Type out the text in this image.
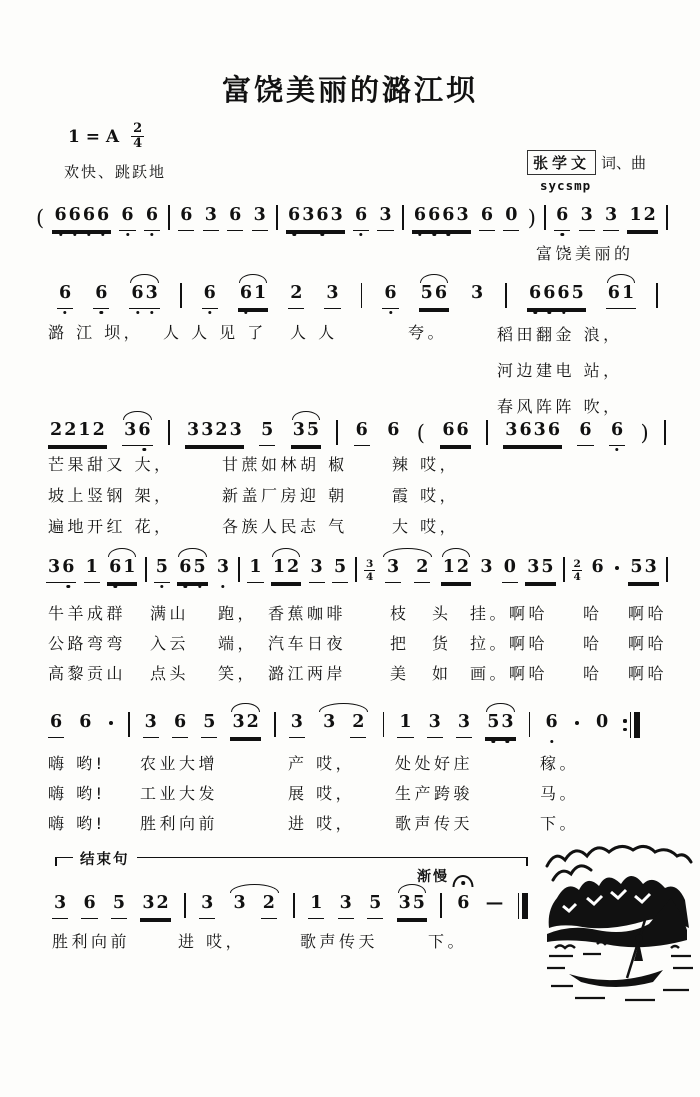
富饶美丽的潞江坝
1 = A $\frac{2}{4}$
欢快、跳跃地	张学文 词、曲
sycsmp
( 6 6 6 6 6 6 6 3 6 3 6 3 6 3 6 3 6 6 6 3 6 0 ) 6 3 3 1 2
6 6 6 3	6 6 1 2 3	6 5 6 3	6 6 6 5 6 1
2 2 1 2 3 6 3 3 2 3 5 3 5 6 6 ( 6 6 3 6 3 6 6 6 )
3 6 1 6 1 5 6 5 3 1 1 2 3 $5 \frac{3}{4} 3$ 2 1 2 3 0 3 $5 \frac{2}{4} 6$ 5 3
6 6	3 6 5 3 2 3 3 2 1 3 3 5 3 6 0
3 6 5 3 2 3 3 2 1 3 5 3 5 6 —
富饶美丽的
潞 江 坝， 人 人 见 了 人 人	夸。	稻田翻金 浪，
河边建电 站，
春风阵阵 吹，
芒果甜又 大，	甘蔗如林胡 椒	辣 哎，
坡上竖钢 架，	新盖厂房迎 朝	霞 哎，
遍地开红 花，	各族人民志 气	大 哎，
牛羊成群 满山 跑， 香蕉咖啡	枝 头 挂。啊哈 哈 啊哈
公路弯弯 入云 端， 汽车日夜	把 货 拉。啊哈 哈 啊哈
高黎贡山 点头 笑， 潞江两岸	美 如 画。啊哈 哈 啊哈
嗨 哟! 农业大增	产 哎， 处处好庄	稼。
嗨 哟! 工业大发	展 哎， 生产跨骏	马。
嗨 哟! 胜利向前	进 哎， 歌声传天	下。
胜利向前	进 哎，	歌声传天	下。
结束句
渐慢
